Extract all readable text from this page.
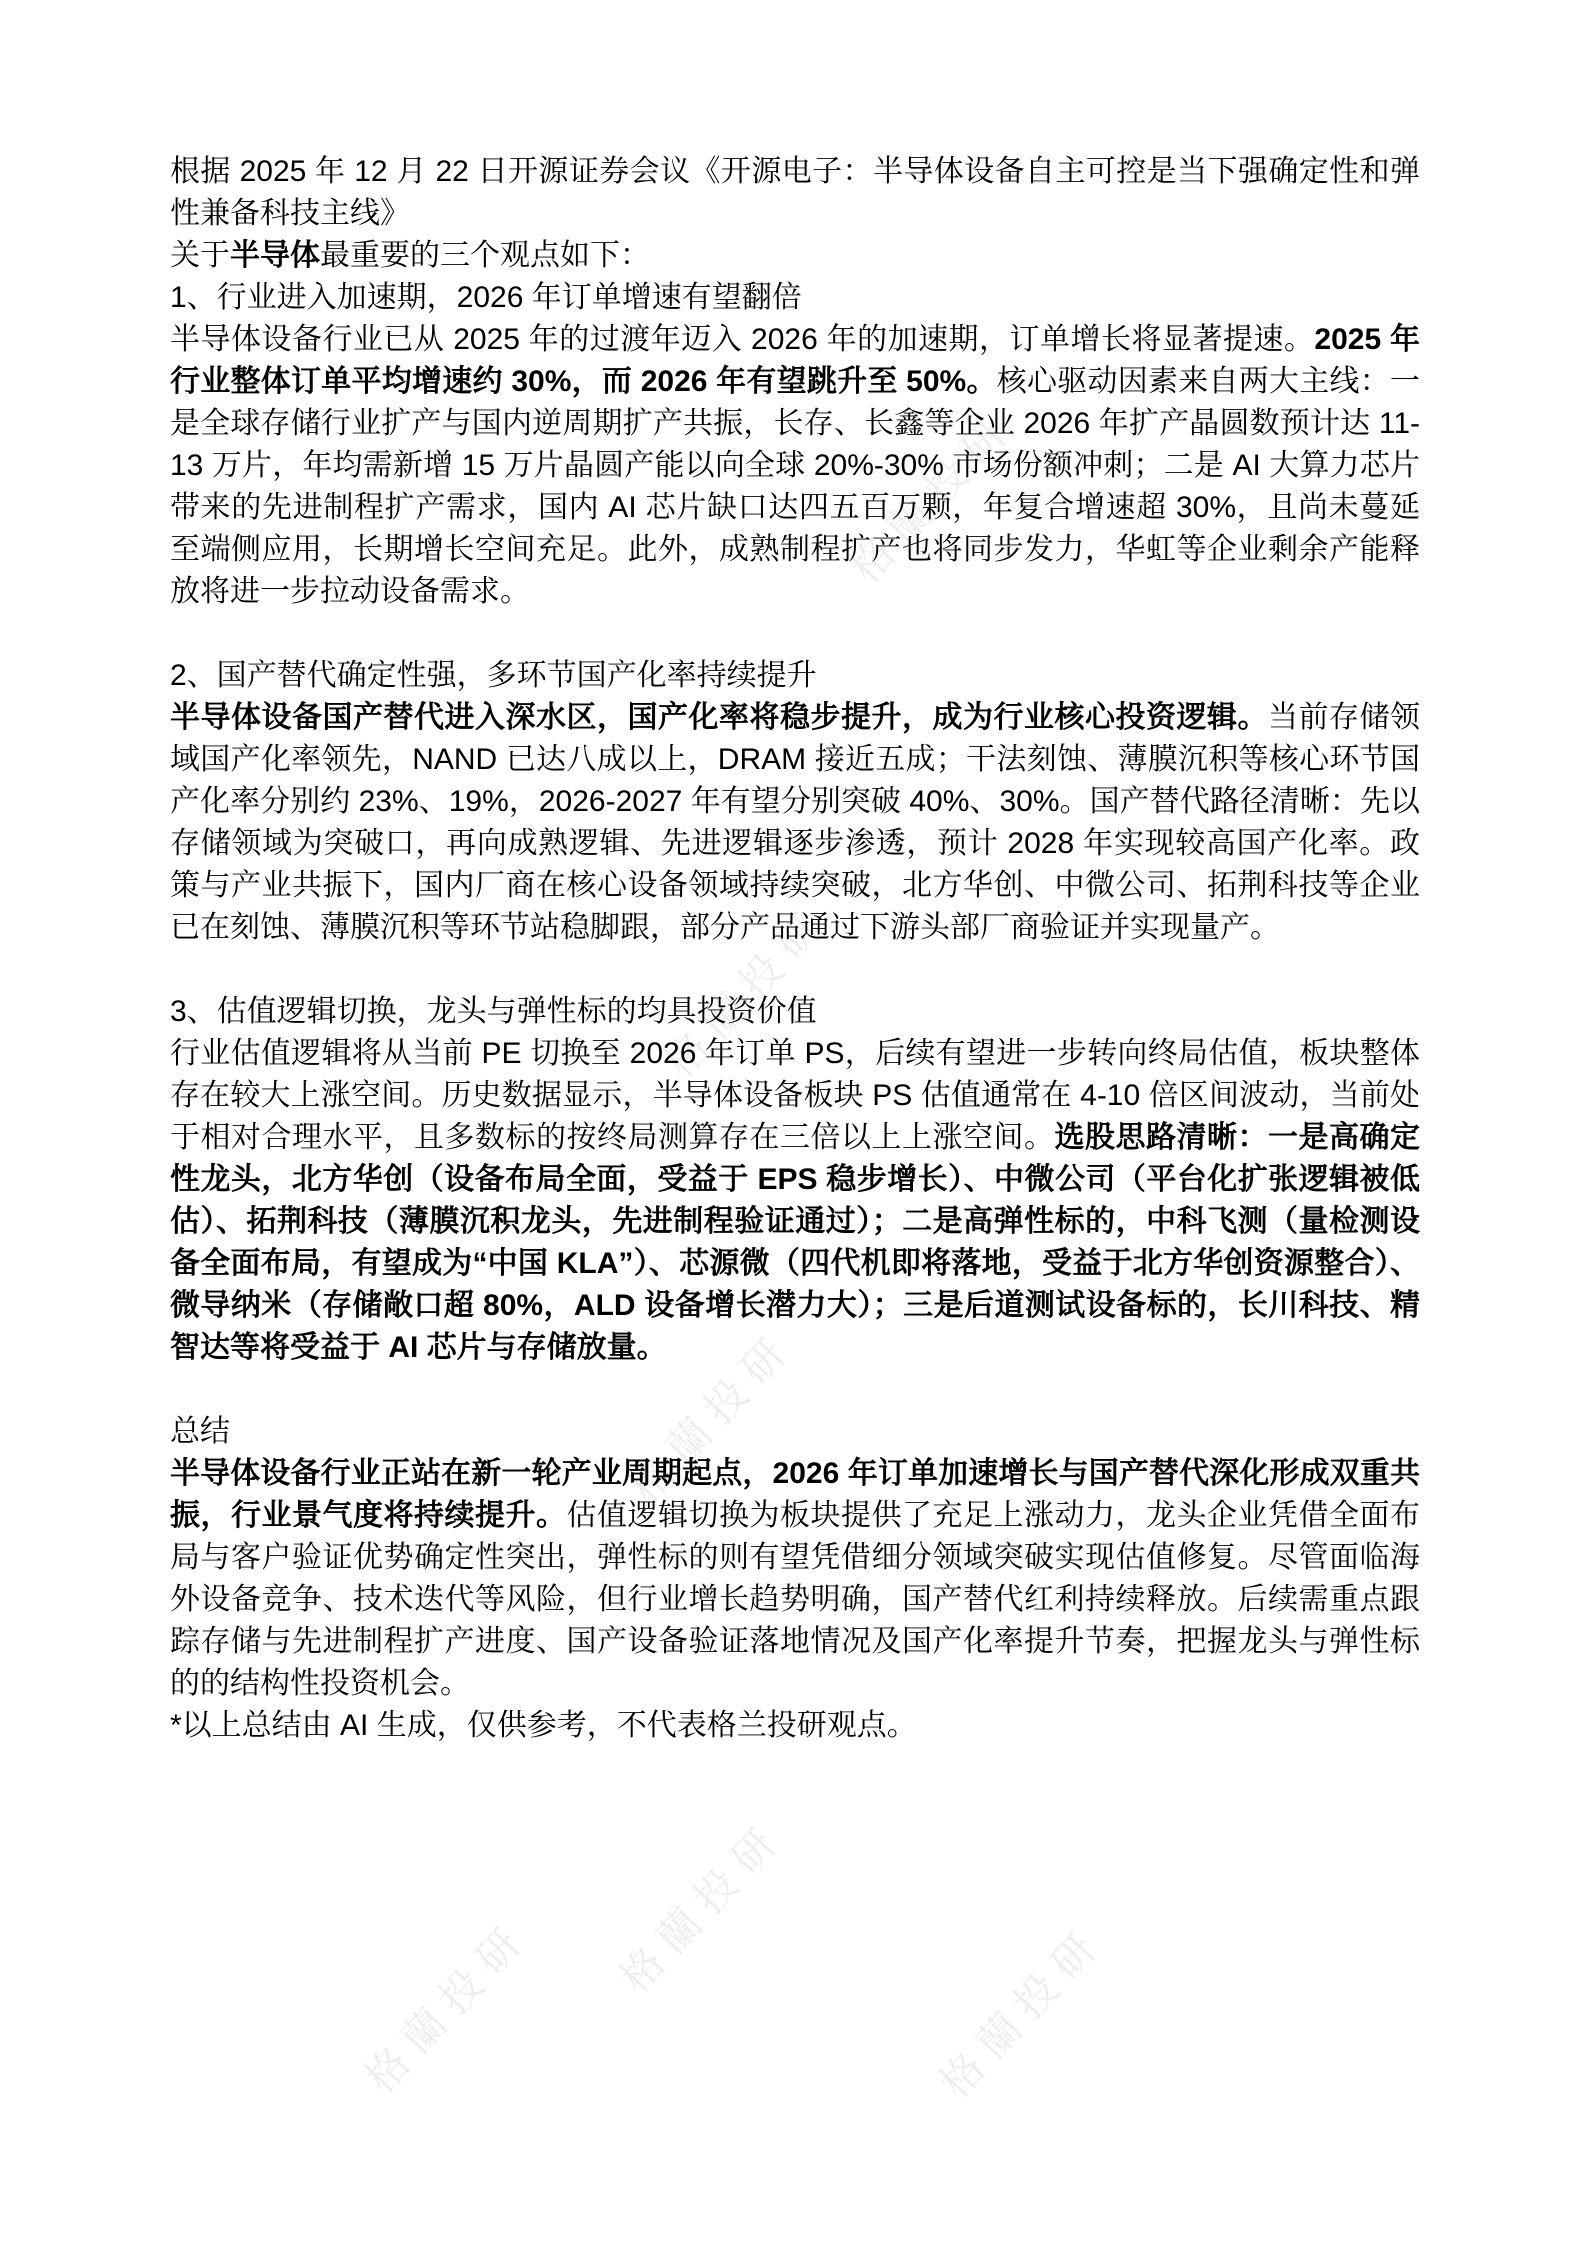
格蘭投研
格蘭投研
格蘭投研
格蘭投研
格蘭投研	格蘭投研
根据 2025 年 12 月 22 日开源证券会议《开源电子：半导体设备自主可控是当下强确定性和弹性兼备科技主线》
关于半导体最重要的三个观点如下：
1、行业进入加速期，2026 年订单增速有望翻倍
半导体设备行业已从 2025 年的过渡年迈入 2026 年的加速期，订单增长将显著提速。2025 年行业整体订单平均增速约 30%，而 2026 年有望跳升至 50%。核心驱动因素来自两大主线：一是全球存储行业扩产与国内逆周期扩产共振，长存、长鑫等企业 2026 年扩产晶圆数预计达 11-13 万片，年均需新增 15 万片晶圆产能以向全球 20%-30% 市场份额冲刺；二是 AI 大算力芯片带来的先进制程扩产需求，国内 AI 芯片缺口达四五百万颗，年复合增速超 30%，且尚未蔓延至端侧应用，长期增长空间充足。此外，成熟制程扩产也将同步发力，华虹等企业剩余产能释放将进一步拉动设备需求。
2、国产替代确定性强，多环节国产化率持续提升
半导体设备国产替代进入深水区，国产化率将稳步提升，成为行业核心投资逻辑。当前存储领域国产化率领先，NAND 已达八成以上，DRAM 接近五成；干法刻蚀、薄膜沉积等核心环节国产化率分别约 23%、19%，2026-2027 年有望分别突破 40%、30%。国产替代路径清晰：先以存储领域为突破口，再向成熟逻辑、先进逻辑逐步渗透，预计 2028 年实现较高国产化率。政策与产业共振下，国内厂商在核心设备领域持续突破，北方华创、中微公司、拓荆科技等企业已在刻蚀、薄膜沉积等环节站稳脚跟，部分产品通过下游头部厂商验证并实现量产。
3、估值逻辑切换，龙头与弹性标的均具投资价值
行业估值逻辑将从当前 PE 切换至 2026 年订单 PS，后续有望进一步转向终局估值，板块整体存在较大上涨空间。历史数据显示，半导体设备板块 PS 估值通常在 4-10 倍区间波动，当前处于相对合理水平，且多数标的按终局测算存在三倍以上上涨空间。选股思路清晰：一是高确定性龙头，北方华创（设备布局全面，受益于 EPS 稳步增长）、中微公司（平台化扩张逻辑被低估）、拓荆科技（薄膜沉积龙头，先进制程验证通过）；二是高弹性标的，中科飞测（量检测设备全面布局，有望成为“中国 KLA”）、芯源微（四代机即将落地，受益于北方华创资源整合）、微导纳米（存储敞口超 80%，ALD 设备增长潜力大）；三是后道测试设备标的，长川科技、精智达等将受益于 AI 芯片与存储放量。
总结
半导体设备行业正站在新一轮产业周期起点，2026 年订单加速增长与国产替代深化形成双重共振，行业景气度将持续提升。估值逻辑切换为板块提供了充足上涨动力，龙头企业凭借全面布局与客户验证优势确定性突出，弹性标的则有望凭借细分领域突破实现估值修复。尽管面临海外设备竞争、技术迭代等风险，但行业增长趋势明确，国产替代红利持续释放。后续需重点跟踪存储与先进制程扩产进度、国产设备验证落地情况及国产化率提升节奏，把握龙头与弹性标的的结构性投资机会。
*以上总结由 AI 生成，仅供参考，不代表格兰投研观点。
